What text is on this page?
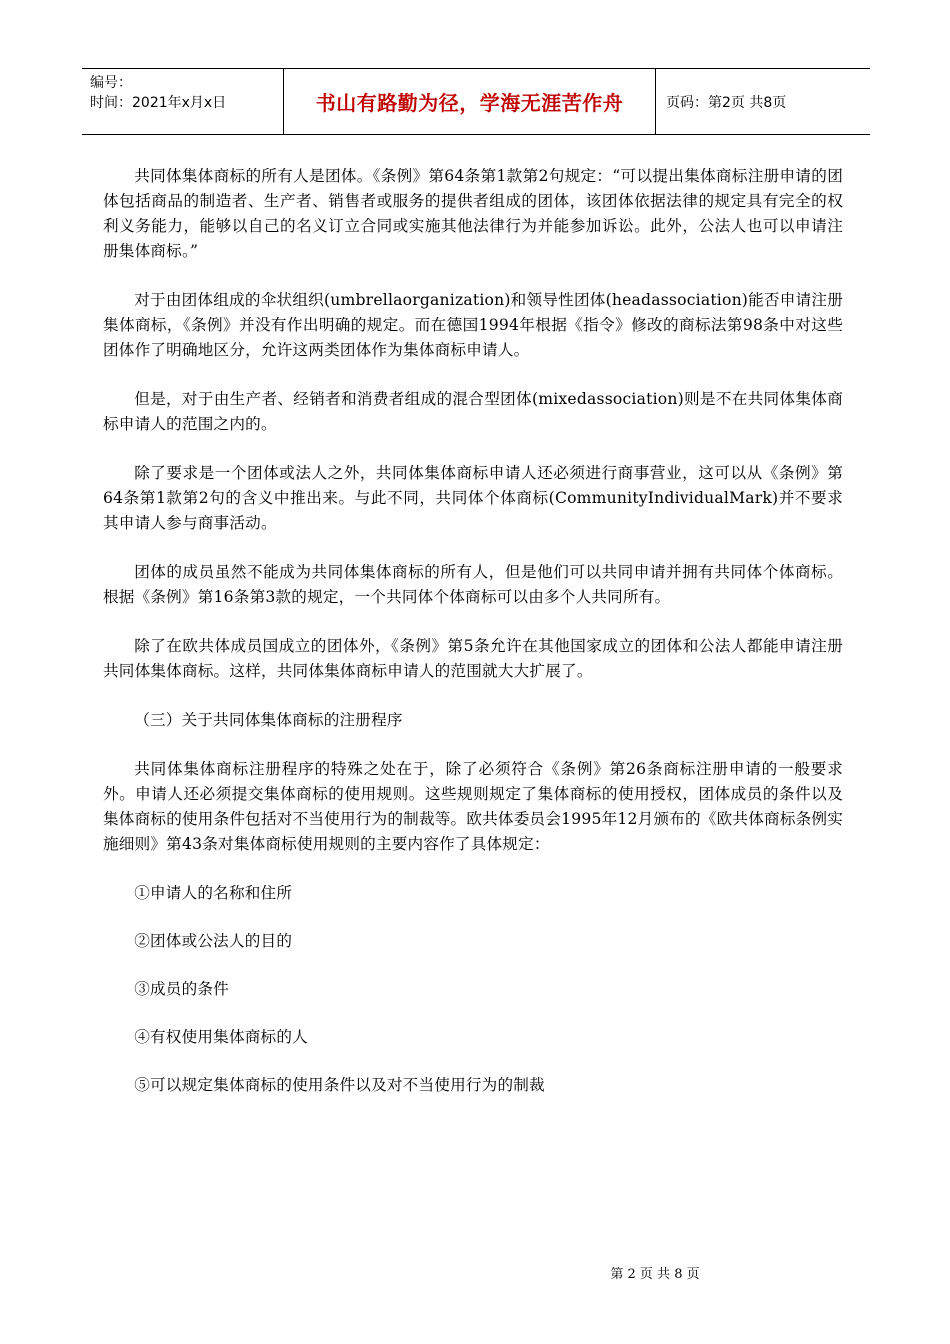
编号：
时间：2021年x月x日	书山有路勤为径，学海无涯苦作舟	页码：第2页 共8页

共同体集体商标的所有人是团体。《条例》第64条第1款第2句规定：“可以提出集体商标注册申请的团体包括商品的制造者、生产者、销售者或服务的提供者组成的团体，该团体依据法律的规定具有完全的权利义务能力，能够以自己的名义订立合同或实施其他法律行为并能参加诉讼。此外，公法人也可以申请注册集体商标。”

对于由团体组成的伞状组织(umbrellaorganization)和领导性团体(headassociation)能否申请注册集体商标，《条例》并没有作出明确的规定。而在德国1994年根据《指令》修改的商标法第98条中对这些团体作了明确地区分，允许这两类团体作为集体商标申请人。

但是，对于由生产者、经销者和消费者组成的混合型团体(mixedassociation)则是不在共同体集体商标申请人的范围之内的。

除了要求是一个团体或法人之外，共同体集体商标申请人还必须进行商事营业，这可以从《条例》第64条第1款第2句的含义中推出来。与此不同，共同体个体商标(CommunityIndividualMark)并不要求其申请人参与商事活动。

团体的成员虽然不能成为共同体集体商标的所有人，但是他们可以共同申请并拥有共同体个体商标。根据《条例》第16条第3款的规定，一个共同体个体商标可以由多个人共同所有。

除了在欧共体成员国成立的团体外，《条例》第5条允许在其他国家成立的团体和公法人都能申请注册共同体集体商标。这样，共同体集体商标申请人的范围就大大扩展了。

（三）关于共同体集体商标的注册程序

共同体集体商标注册程序的特殊之处在于，除了必须符合《条例》第26条商标注册申请的一般要求外。申请人还必须提交集体商标的使用规则。这些规则规定了集体商标的使用授权，团体成员的条件以及集体商标的使用条件包括对不当使用行为的制裁等。欧共体委员会1995年12月颁布的《欧共体商标条例实施细则》第43条对集体商标使用规则的主要内容作了具体规定：

①申请人的名称和住所

②团体或公法人的目的

③成员的条件

④有权使用集体商标的人

⑤可以规定集体商标的使用条件以及对不当使用行为的制裁

第 2 页 共 8 页
